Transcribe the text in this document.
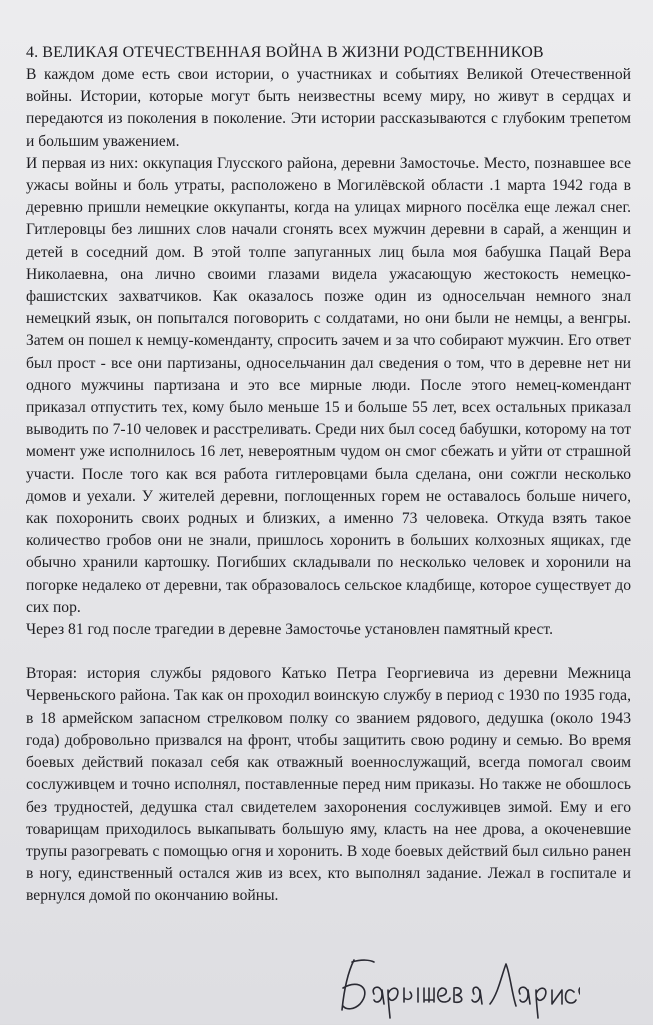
4. ВЕЛИКАЯ ОТЕЧЕСТВЕННАЯ ВОЙНА В ЖИЗНИ РОДСТВЕННИКОВ

В каждом доме есть свои истории, о участниках и событиях Великой Отечественной войны. Истории, которые могут быть неизвестны всему миру, но живут в сердцах и передаются из поколения в поколение. Эти истории рассказываются с глубоким трепетом и большим уважением.

И первая из них: оккупация Глусского района, деревни Замосточье. Место, познавшее все ужасы войны и боль утраты, расположено в Могилёвской области .1 марта 1942 года в деревню пришли немецкие оккупанты, когда на улицах мирного посёлка еще лежал снег. Гитлеровцы без лишних слов начали сгонять всех мужчин деревни в сарай, а женщин и детей в соседний дом. В этой толпе запуганных лиц была моя бабушка Пацай Вера Николаевна, она лично своими глазами видела ужасающую жестокость немецко-фашистских захватчиков. Как оказалось позже один из односельчан немного знал немецкий язык, он попытался поговорить с солдатами, но они были не немцы, а венгры. Затем он пошел к немцу-коменданту, спросить зачем и за что собирают мужчин. Его ответ был прост - все они партизаны, односельчанин дал сведения о том, что в деревне нет ни одного мужчины партизана и это все мирные люди. После этого немец-комендант приказал отпустить тех, кому было меньше 15 и больше 55 лет, всех остальных приказал выводить по 7-10 человек и расстреливать. Среди них был сосед бабушки, которому на тот момент уже исполнилось 16 лет, невероятным чудом он смог сбежать и уйти от страшной участи. После того как вся работа гитлеровцами была сделана, они сожгли несколько домов и уехали. У жителей деревни, поглощенных горем не оставалось больше ничего, как похоронить своих родных и близких, а именно 73 человека. Откуда взять такое количество гробов они не знали, пришлось хоронить в больших колхозных ящиках, где обычно хранили картошку. Погибших складывали по несколько человек и хоронили на погорке недалеко от деревни, так образовалось сельское кладбище, которое существует до сих пор.

Через 81 год после трагедии в деревне Замосточье установлен памятный крест.

Вторая: история службы рядового Катько Петра Георгиевича из деревни Межница Червеньского района. Так как он проходил воинскую службу в период с 1930 по 1935 года, в 18 армейском запасном стрелковом полку со званием рядового, дедушка (около 1943 года) добровольно призвался на фронт, чтобы защитить свою родину и семью. Во время боевых действий показал себя как отважный военнослужащий, всегда помогал своим сослуживцем и точно исполнял, поставленные перед ним приказы. Но также не обошлось без трудностей, дедушка стал свидетелем захоронения сослуживцев зимой. Ему и его товарищам приходилось выкапывать большую яму, класть на нее дрова, а окоченевшие трупы разогревать с помощью огня и хоронить. В ходе боевых действий был сильно ранен в ногу, единственный остался жив из всех, кто выполнял задание. Лежал в госпитале и вернулся домой по окончанию войны.
